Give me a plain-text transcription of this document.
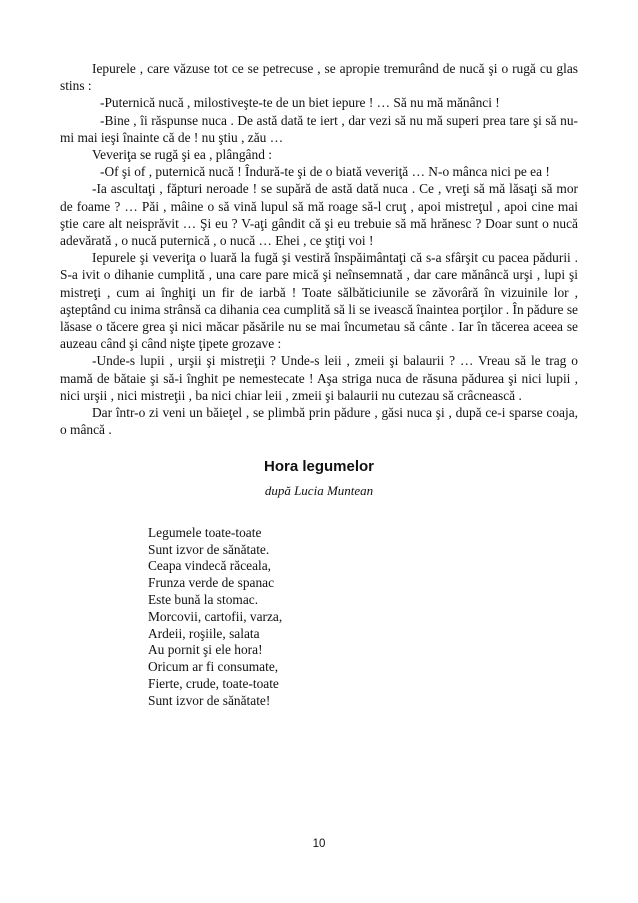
Iepurele , care văzuse tot ce se petrecuse , se apropie tremurând de nucă şi o rugă cu glas stins :

-Puternică nucă , milostiveşte-te de un biet iepure ! … Să nu mă mănânci !

-Bine , îi răspunse nuca . De astă dată te iert , dar vezi să nu mă superi prea tare şi să nu-mi mai ieşi înainte că de ! nu ştiu , zău …

Veveriţa se rugă şi ea , plângând :

-Of şi of , puternică nucă ! Îndură-te şi de o biată veveriţă … N-o mânca nici pe ea !

-Ia ascultaţi , făpturi neroade ! se supără de astă dată nuca . Ce , vreţi să mă lăsaţi să mor de foame ? … Păi , mâine o să vină lupul să mă roage să-l cruţ , apoi mistreţul , apoi cine mai ştie care alt neisprăvit … Şi eu ? V-aţi gândit că şi eu trebuie să mă hrănesc ? Doar sunt o nucă adevărată , o nucă puternică , o nucă … Ehei , ce ştiţi voi !

Iepurele şi veveriţa o luară la fugă şi vestiră înspăimântaţi că s-a sfârşit cu pacea pădurii . S-a ivit o dihanie cumplită , una care pare mică şi neînsemnată , dar care mănâncă urşi , lupi şi mistreţi , cum ai înghiţi un fir de iarbă ! Toate sălbăticiunile se zăvorâră în vizuinile lor , aşteptând cu inima strânsă ca dihania cea cumplită să li se ivească înaintea porţilor . În pădure se lăsase o tăcere grea şi nici măcar păsările nu se mai încumetau să cânte . Iar în tăcerea aceea se auzeau când şi când nişte ţipete grozave :

-Unde-s lupii , urşii şi mistreţii ? Unde-s leii , zmeii şi balaurii ? … Vreau să le trag o mamă de bătaie şi să-i înghit pe nemestecate ! Aşa striga nuca de răsuna pădurea şi nici lupii , nici urşii , nici mistreţii , ba nici chiar leii , zmeii şi balaurii nu cutezau să crâcnească .

Dar într-o zi veni un băieţel , se plimbă prin pădure , găsi nuca şi , după ce-i sparse coaja, o mâncă .

Hora legumelor
după Lucia Muntean
Legumele toate-toate
Sunt izvor de sănătate.
Ceapa vindecă răceala,
Frunza verde de spanac
Este bună la stomac.
Morcovii, cartofii, varza,
Ardeii, roşiile, salata
Au pornit şi ele hora!
Oricum ar fi consumate,
Fierte, crude, toate-toate
Sunt izvor de sănătate!
10
